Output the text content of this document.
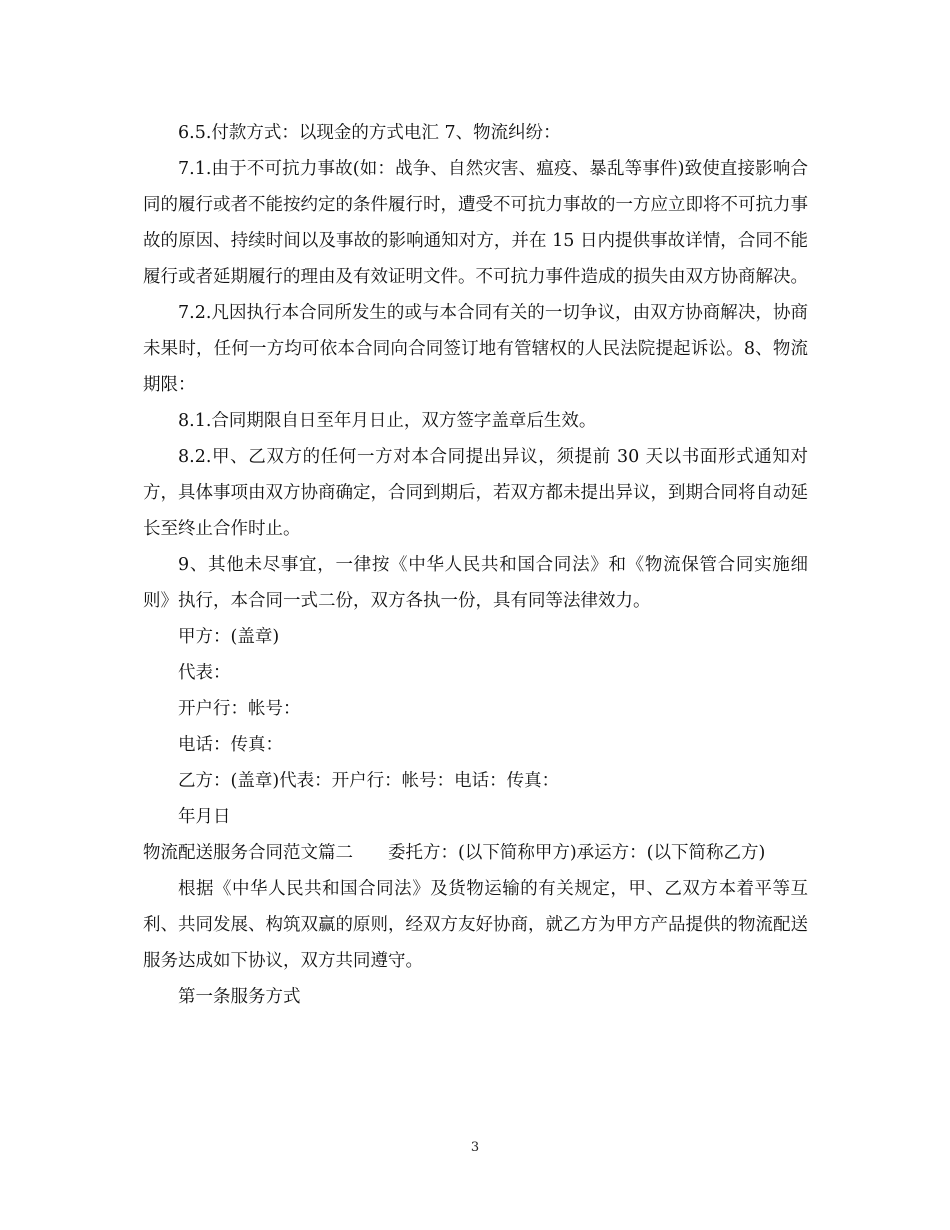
6.5.付款方式：以现金的方式电汇 7、物流纠纷：

7.1.由于不可抗力事故(如：战争、自然灾害、瘟疫、暴乱等事件)致使直接影响合同的履行或者不能按约定的条件履行时，遭受不可抗力事故的一方应立即将不可抗力事故的原因、持续时间以及事故的影响通知对方，并在 15 日内提供事故详情，合同不能履行或者延期履行的理由及有效证明文件。不可抗力事件造成的损失由双方协商解决。

7.2.凡因执行本合同所发生的或与本合同有关的一切争议，由双方协商解决，协商未果时，任何一方均可依本合同向合同签订地有管辖权的人民法院提起诉讼。8、物流期限：

8.1.合同期限自日至年月日止，双方签字盖章后生效。

8.2.甲、乙双方的任何一方对本合同提出异议，须提前 30 天以书面形式通知对方，具体事项由双方协商确定，合同到期后，若双方都未提出异议，到期合同将自动延长至终止合作时止。

9、其他未尽事宜，一律按《中华人民共和国合同法》和《物流保管合同实施细则》执行，本合同一式二份，双方各执一份，具有同等法律效力。

甲方：(盖章)

代表：

开户行：帐号：

电话：传真：

乙方：(盖章)代表：开户行：帐号：电话：传真：

年月日

物流配送服务合同范文篇二　　委托方：(以下简称甲方)承运方：(以下简称乙方)

根据《中华人民共和国合同法》及货物运输的有关规定，甲、乙双方本着平等互利、共同发展、构筑双赢的原则，经双方友好协商，就乙方为甲方产品提供的物流配送服务达成如下协议，双方共同遵守。

第一条服务方式

3
